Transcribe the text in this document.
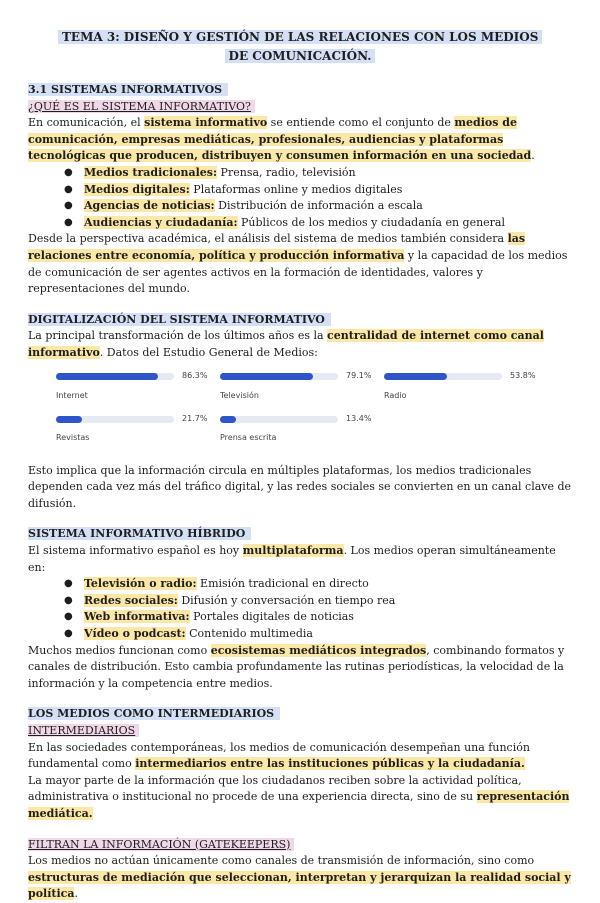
TEMA 3: DISEÑO Y GESTIÓN DE LAS RELACIONES CON LOS MEDIOS DE COMUNICACIÓN.
3.1 SISTEMAS INFORMATIVOS
¿QUÉ ES EL SISTEMA INFORMATIVO?

En comunicación, el sistema informativo se entiende como el conjunto de medios de comunicación, empresas mediáticas, profesionales, audiencias y plataformas tecnológicas que producen, distribuyen y consumen información en una sociedad.

● Medios tradicionales: Prensa, radio, televisión
● Medios digitales: Plataformas online y medios digitales
● Agencias de noticias: Distribución de información a escala
● Audiencias y ciudadanía: Públicos de los medios y ciudadanía en general

Desde la perspectiva académica, el análisis del sistema de medios también considera las relaciones entre economía, política y producción informativa y la capacidad de los medios de comunicación de ser agentes activos en la formación de identidades, valores y representaciones del mundo.

DIGITALIZACIÓN DEL SISTEMA INFORMATIVO

La principal transformación de los últimos años es la centralidad de internet como canal informativo. Datos del Estudio General de Medios:

86.3%
Internet
79.1%
Televisión
53.8%
Radio
21.7%
Revistas
13.4%
Prensa escrita

Esto implica que la información circula en múltiples plataformas, los medios tradicionales dependen cada vez más del tráfico digital, y las redes sociales se convierten en un canal clave de difusión.

SISTEMA INFORMATIVO HÍBRIDO

El sistema informativo español es hoy multiplataforma. Los medios operan simultáneamente en:

● Televisión o radio: Emisión tradicional en directo
● Redes sociales: Difusión y conversación en tiempo rea
● Web informativa: Portales digitales de noticias
● Vídeo o podcast: Contenido multimedia

Muchos medios funcionan como ecosistemas mediáticos integrados, combinando formatos y canales de distribución. Esto cambia profundamente las rutinas periodísticas, la velocidad de la información y la competencia entre medios.

LOS MEDIOS COMO INTERMEDIARIOS
INTERMEDIARIOS

En las sociedades contemporáneas, los medios de comunicación desempeñan una función fundamental como intermediarios entre las instituciones públicas y la ciudadanía.

La mayor parte de la información que los ciudadanos reciben sobre la actividad política, administrativa o institucional no procede de una experiencia directa, sino de su representación mediática.

FILTRAN LA INFORMACIÓN (GATEKEEPERS)

Los medios no actúan únicamente como canales de transmisión de información, sino como estructuras de mediación que seleccionan, interpretan y jerarquizan la realidad social y política.
